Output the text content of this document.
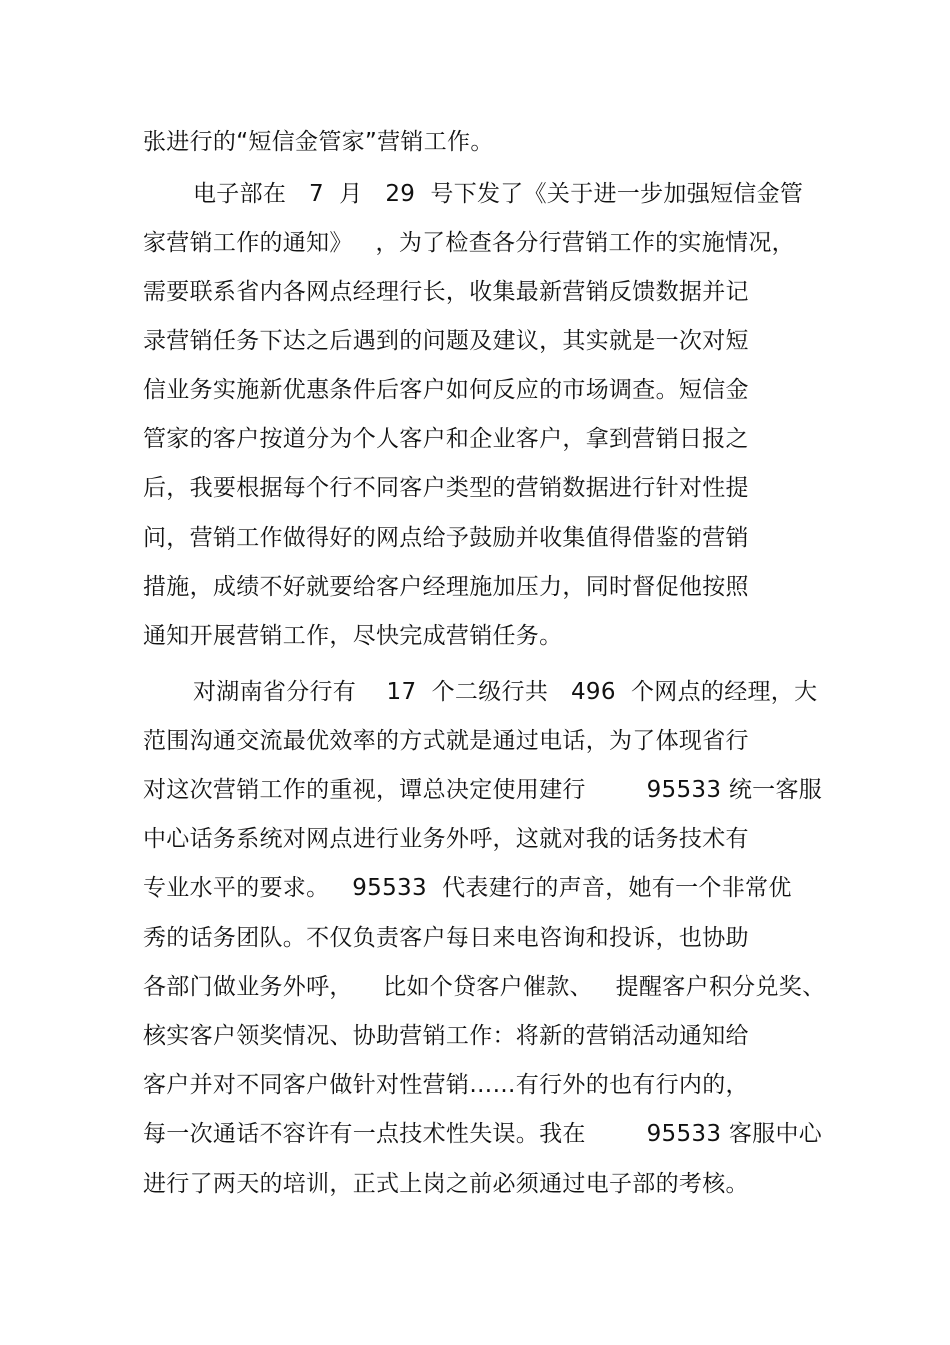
张进行的“短信金管家”营销工作。
电子部在   7  月   29  号下发了《关于进一步加强短信金管
家营销工作的通知》   ，为了检查各分行营销工作的实施情况，
需要联系省内各网点经理行长，收集最新营销反馈数据并记
录营销任务下达之后遇到的问题及建议，其实就是一次对短
信业务实施新优惠条件后客户如何反应的市场调查。短信金
管家的客户按道分为个人客户和企业客户，拿到营销日报之
后，我要根据每个行不同客户类型的营销数据进行针对性提
问，营销工作做得好的网点给予鼓励并收集值得借鉴的营销
措施，成绩不好就要给客户经理施加压力，同时督促他按照
通知开展营销工作，尽快完成营销任务。
对湖南省分行有    17  个二级行共   496  个网点的经理，大
范围沟通交流最优效率的方式就是通过电话，为了体现省行
对这次营销工作的重视，谭总决定使用建行        95533 统一客服
中心话务系统对网点进行业务外呼，这就对我的话务技术有
专业水平的要求。   95533  代表建行的声音，她有一个非常优
秀的话务团队。不仅负责客户每日来电咨询和投诉，也协助
各部门做业务外呼，    比如个贷客户催款、   提醒客户积分兑奖、
核实客户领奖情况、协助营销工作：将新的营销活动通知给
客户并对不同客户做针对性营销……有行外的也有行内的，
每一次通话不容许有一点技术性失误。我在        95533 客服中心
进行了两天的培训，正式上岗之前必须通过电子部的考核。
